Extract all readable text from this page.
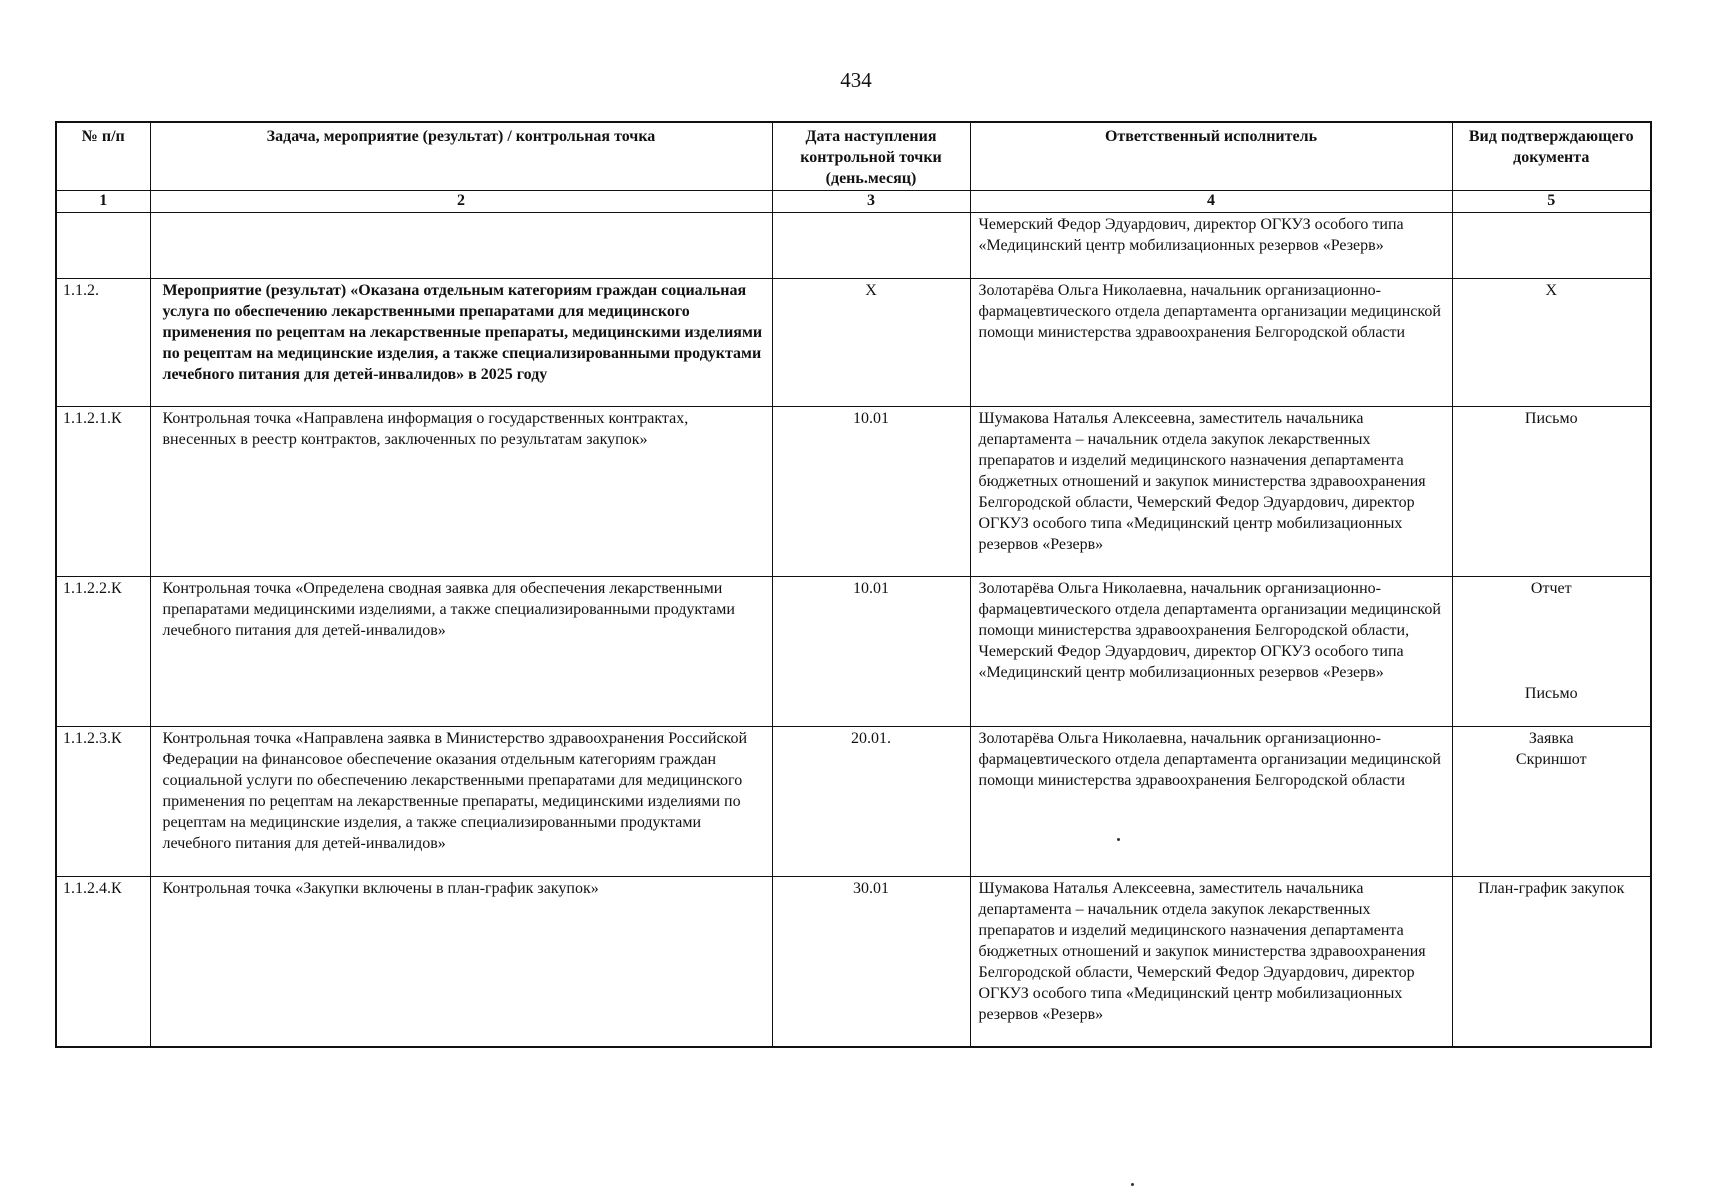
434
№ п/п	Задача, мероприятие (результат) / контрольная точка	Дата наступления контрольной точки (день.месяц)	Ответственный исполнитель	Вид подтверждающего документа
1	2	3	4	5
			Чемерский Федор Эдуардович, директор ОГКУЗ особого типа «Медицинский центр мобилизационных резервов «Резерв»	
1.1.2.	Мероприятие (результат) «Оказана отдельным категориям граждан социальная услуга по обеспечению лекарственными препаратами для медицинского применения по рецептам на лекарственные препараты, медицинскими изделиями по рецептам на медицинские изделия, а также специализированными продуктами лечебного питания для детей-инвалидов» в 2025 году	X	Золотарёва Ольга Николаевна, начальник организационно-фармацевтического отдела департамента организации медицинской помощи министерства здравоохранения Белгородской области	X
1.1.2.1.К	Контрольная точка «Направлена информация о государственных контрактах, внесенных в реестр контрактов, заключенных по результатам закупок»	10.01	Шумакова Наталья Алексеевна, заместитель начальника департамента – начальник отдела закупок лекарственных препаратов и изделий медицинского назначения департамента бюджетных отношений и закупок министерства здравоохранения Белгородской области, Чемерский Федор Эдуардович, директор ОГКУЗ особого типа «Медицинский центр мобилизационных резервов «Резерв»	Письмо
1.1.2.2.К	Контрольная точка «Определена сводная заявка для обеспечения лекарственными препаратами медицинскими изделиями, а также специализированными продуктами лечебного питания для детей-инвалидов»	10.01	Золотарёва Ольга Николаевна, начальник организационно-фармацевтического отдела департамента организации медицинской помощи министерства здравоохранения Белгородской области,
Чемерский Федор Эдуардович, директор ОГКУЗ особого типа «Медицинский центр мобилизационных резервов «Резерв»	Отчет
Письмо

1.1.2.3.К	Контрольная точка «Направлена заявка в Министерство здравоохранения Российской Федерации на финансовое обеспечение оказания отдельным категориям граждан социальной услуги по обеспечению лекарственными препаратами для медицинского применения по рецептам на лекарственные препараты, медицинскими изделиями по рецептам на медицинские изделия, а также специализированными продуктами лечебного питания для детей-инвалидов»	20.01.	Золотарёва Ольга Николаевна, начальник организационно-фармацевтического отдела департамента организации медицинской помощи министерства здравоохранения Белгородской области	Заявка
Скриншот

1.1.2.4.К	Контрольная точка «Закупки включены в план-график закупок»	30.01	Шумакова Наталья Алексеевна, заместитель начальника департамента – начальник отдела закупок лекарственных препаратов и изделий медицинского назначения департамента бюджетных отношений и закупок министерства здравоохранения Белгородской области, Чемерский Федор Эдуардович, директор ОГКУЗ особого типа «Медицинский центр мобилизационных резервов «Резерв»	План-график закупок
